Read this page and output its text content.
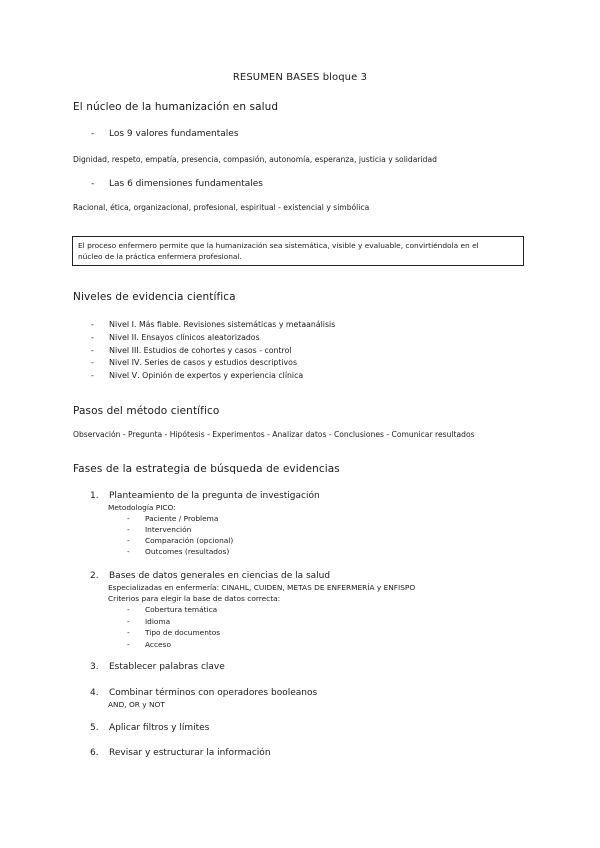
RESUMEN BASES bloque 3
El núcleo de la humanización en salud
- Los 9 valores fundamentales
Dignidad, respeto, empatía, presencia, compasión, autonomía, esperanza, justicia y solidaridad
- Las 6 dimensiones fundamentales
Racional, ética, organizacional, profesional, espiritual - existencial y simbólica
El proceso enfermero permite que la humanización sea sistemática, visible y evaluable, convirtiéndola en el
núcleo de la práctica enfermera profesional.
Niveles de evidencia científica
- Nivel I. Más fiable. Revisiones sistemáticas y metaanálisis
- Nivel II. Ensayos clínicos aleatorizados
- Nivel III. Estudios de cohortes y casos - control
- Nivel IV. Series de casos y estudios descriptivos
- Nivel V. Opinión de expertos y experiencia clínica
Pasos del método científico
Observación - Pregunta - Hipótesis - Experimentos - Analizar datos - Conclusiones - Comunicar resultados
Fases de la estrategia de búsqueda de evidencias
1. Planteamiento de la pregunta de investigación
Metodología PICO:
- Paciente / Problema
- Intervención
- Comparación (opcional)
- Outcomes (resultados)
2. Bases de datos generales en ciencias de la salud
Especializadas en enfermería: CINAHL, CUIDEN, METAS DE ENFERMERÍA y ENFISPO
Criterios para elegir la base de datos correcta:
- Cobertura temática
- Idioma
- Tipo de documentos
- Acceso
3. Establecer palabras clave
4. Combinar términos con operadores booleanos
AND, OR y NOT
5. Aplicar filtros y límites
6. Revisar y estructurar la información
